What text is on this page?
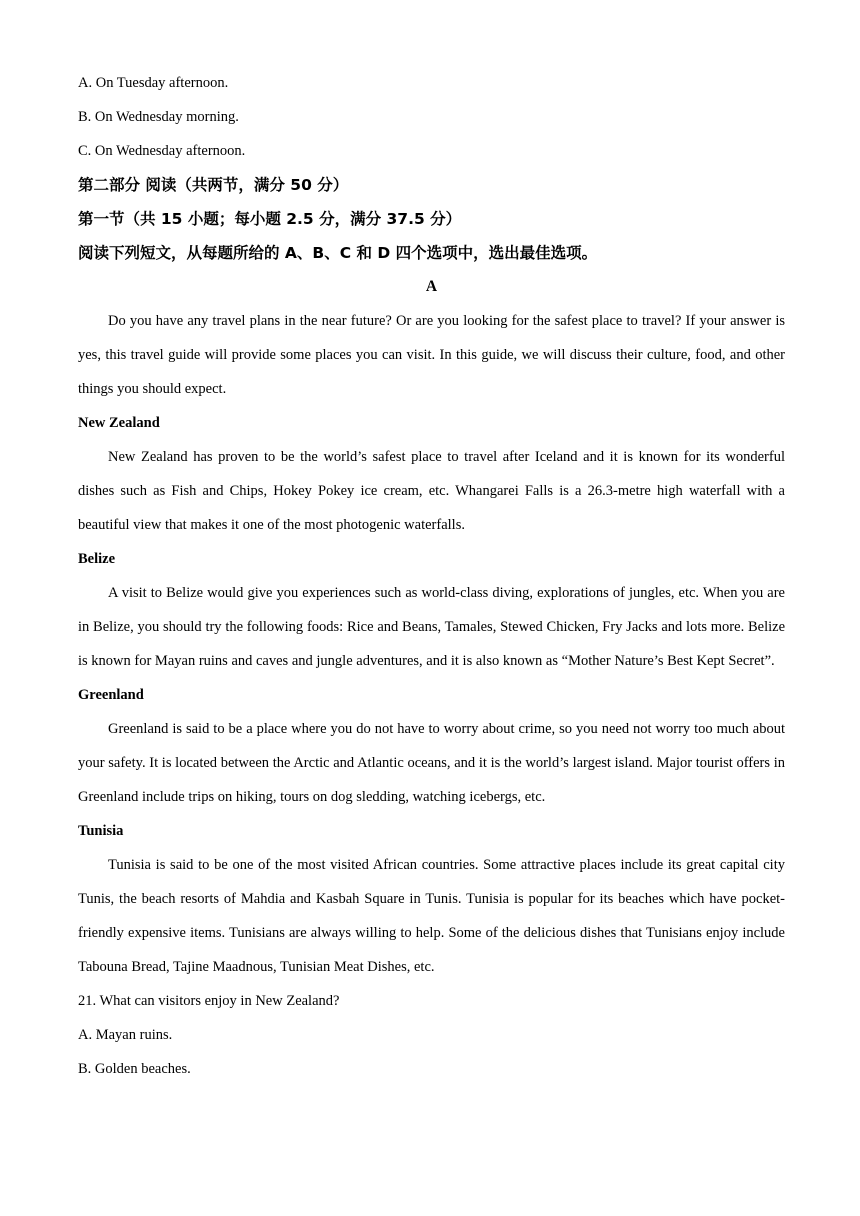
A. On Tuesday afternoon.
B. On Wednesday morning.
C. On Wednesday afternoon.
第二部分 阅读（共两节，满分 50 分）
第一节（共 15 小题；每小题 2.5 分，满分 37.5 分）
阅读下列短文，从每题所给的 A、B、C 和 D 四个选项中，选出最佳选项。
A

Do you have any travel plans in the near future? Or are you looking for the safest place to travel? If your answer is yes, this travel guide will provide some places you can visit. In this guide, we will discuss their culture, food, and other things you should expect.

New Zealand

New Zealand has proven to be the world’s safest place to travel after Iceland and it is known for its wonderful dishes such as Fish and Chips, Hokey Pokey ice cream, etc. Whangarei Falls is a 26.3-metre high waterfall with a beautiful view that makes it one of the most photogenic waterfalls.

Belize

A visit to Belize would give you experiences such as world-class diving, explorations of jungles, etc. When you are in Belize, you should try the following foods: Rice and Beans, Tamales, Stewed Chicken, Fry Jacks and lots more. Belize is known for Mayan ruins and caves and jungle adventures, and it is also known as “Mother Nature’s Best Kept Secret”.

Greenland

Greenland is said to be a place where you do not have to worry about crime, so you need not worry too much about your safety. It is located between the Arctic and Atlantic oceans, and it is the world’s largest island. Major tourist offers in Greenland include trips on hiking, tours on dog sledding, watching icebergs, etc.

Tunisia

Tunisia is said to be one of the most visited African countries. Some attractive places include its great capital city Tunis, the beach resorts of Mahdia and Kasbah Square in Tunis. Tunisia is popular for its beaches which have pocket-friendly expensive items. Tunisians are always willing to help. Some of the delicious dishes that Tunisians enjoy include Tabouna Bread, Tajine Maadnous, Tunisian Meat Dishes, etc.

21. What can visitors enjoy in New Zealand?
A. Mayan ruins.
B. Golden beaches.
